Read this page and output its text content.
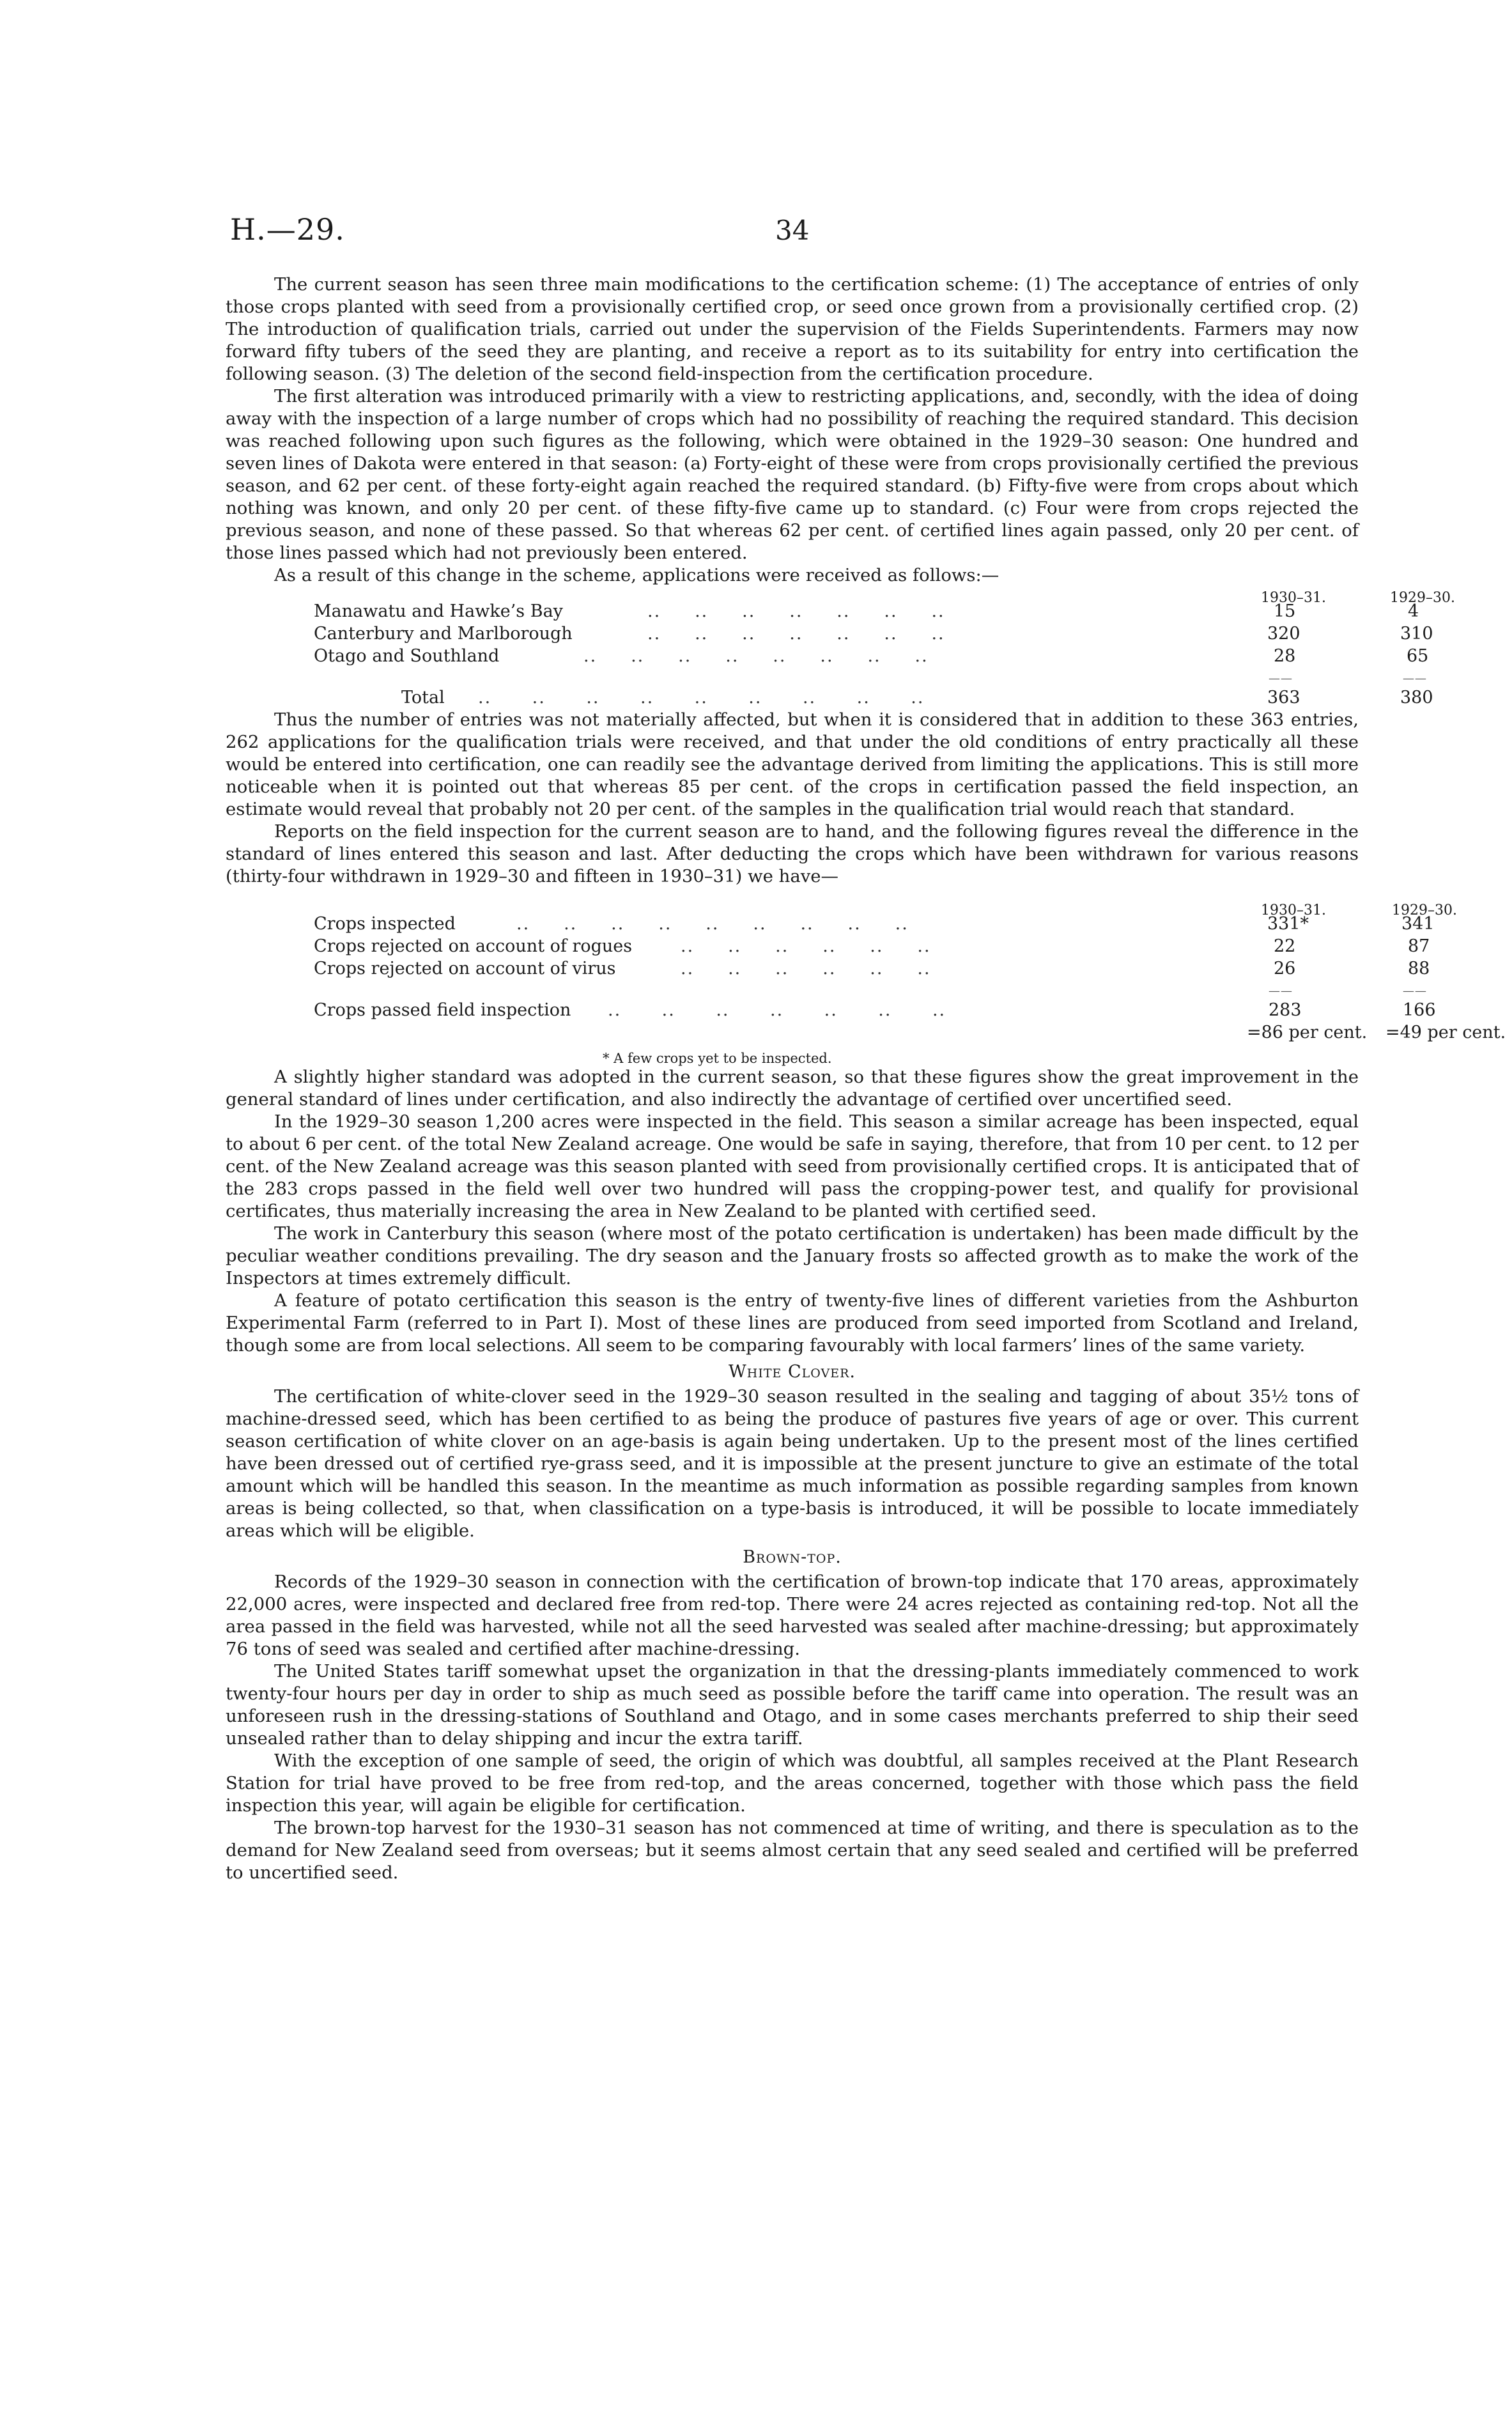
H.—29.	34

The current season has seen three main modifications to the certification scheme: (1) The acceptance of entries of only those crops planted with seed from a provisionally certified crop, or seed once grown from a provisionally certified crop. (2) The introduction of qualification trials, carried out under the supervision of the Fields Superintendents. Farmers may now forward fifty tubers of the seed they are planting, and receive a report as to its suitability for entry into certification the following season. (3) The deletion of the second field-inspection from the certification procedure.

The first alteration was introduced primarily with a view to restricting applications, and, secondly, with the idea of doing away with the inspection of a large number of crops which had no possibility of reaching the required standard. This decision was reached following upon such figures as the following, which were obtained in the 1929–30 season: One hundred and seven lines of Dakota were entered in that season: (a) Forty-eight of these were from crops provisionally certified the previous season, and 62 per cent. of these forty-eight again reached the required standard. (b) Fifty-five were from crops about which nothing was known, and only 20 per cent. of these fifty-five came up to standard. (c) Four were from crops rejected the previous season, and none of these passed. So that whereas 62 per cent. of certified lines again passed, only 20 per cent. of those lines passed which had not previously been entered.

As a result of this change in the scheme, applications were received as follows:—

1930–31.	1929–30.
Manawatu and Hawke’s Bay	..     ..     ..     ..     ..     ..     ..	15	4
Canterbury and Marlborough	..     ..     ..     ..     ..     ..     ..	320	310
Otago and Southland	..     ..     ..     ..     ..     ..     ..     ..	28	65
——	——
Total ..      ..      ..      ..      ..      ..      ..      ..      ..	363	380

Thus the number of entries was not materially affected, but when it is considered that in addition to these 363 entries, 262 applications for the qualification trials were received, and that under the old conditions of entry practically all these would be entered into certification, one can readily see the advantage derived from limiting the applications. This is still more noticeable when it is pointed out that whereas 85 per cent. of the crops in certification passed the field inspection, an estimate would reveal that probably not 20 per cent. of the samples in the qualification trial would reach that standard.

Reports on the field inspection for the current season are to hand, and the following figures reveal the difference in the standard of lines entered this season and last. After deducting the crops which have been withdrawn for various reasons (thirty-four withdrawn in 1929–30 and fifteen in 1930–31) we have—

1930–31.	1929–30.
Crops inspected	..     ..     ..     ..     ..     ..     ..     ..     ..	331*	341
Crops rejected on account of rogues	..     ..     ..     ..     ..     ..	22	87
Crops rejected on account of virus	..     ..     ..     ..     ..     ..	26	88
——	——
Crops passed field inspection ..      ..      ..      ..      ..      ..      ..	283	166
=86 per cent.	=49 per cent.
* A few crops yet to be inspected.

A slightly higher standard was adopted in the current season, so that these figures show the great improvement in the general standard of lines under certification, and also indirectly the advantage of certified over uncertified seed.

In the 1929–30 season 1,200 acres were inspected in the field. This season a similar acreage has been inspected, equal to about 6 per cent. of the total New Zealand acreage. One would be safe in saying, therefore, that from 10 per cent. to 12 per cent. of the New Zealand acreage was this season planted with seed from provisionally certified crops. It is anticipated that of the 283 crops passed in the field well over two hundred will pass the cropping-power test, and qualify for provisional certificates, thus materially increasing the area in New Zealand to be planted with certified seed.

The work in Canterbury this season (where most of the potato certification is undertaken) has been made difficult by the peculiar weather conditions prevailing. The dry season and the January frosts so affected growth as to make the work of the Inspectors at times extremely difficult.

A feature of potato certification this season is the entry of twenty-five lines of different varieties from the Ashburton Experimental Farm (referred to in Part I). Most of these lines are produced from seed imported from Scotland and Ireland, though some are from local selections. All seem to be comparing favourably with local farmers’ lines of the same variety.

White Clover.

The certification of white-clover seed in the 1929–30 season resulted in the sealing and tagging of about 35½ tons of machine-dressed seed, which has been certified to as being the produce of pastures five years of age or over. This current season certification of white clover on an age-basis is again being undertaken. Up to the present most of the lines certified have been dressed out of certified rye-grass seed, and it is impossible at the present juncture to give an estimate of the total amount which will be handled this season. In the meantime as much information as possible regarding samples from known areas is being collected, so that, when classification on a type-basis is introduced, it will be possible to locate immediately areas which will be eligible.

Brown-top.

Records of the 1929–30 season in connection with the certification of brown-top indicate that 170 areas, approximately 22,000 acres, were inspected and declared free from red-top. There were 24 acres rejected as containing red-top. Not all the area passed in the field was harvested, while not all the seed harvested was sealed after machine-dressing; but approximately 76 tons of seed was sealed and certified after machine-dressing.

The United States tariff somewhat upset the organization in that the dressing-plants immediately commenced to work twenty-four hours per day in order to ship as much seed as possible before the tariff came into operation. The result was an unforeseen rush in the dressing-stations of Southland and Otago, and in some cases merchants preferred to ship their seed unsealed rather than to delay shipping and incur the extra tariff.

With the exception of one sample of seed, the origin of which was doubtful, all samples received at the Plant Research Station for trial have proved to be free from red-top, and the areas concerned, together with those which pass the field inspection this year, will again be eligible for certification.

The brown-top harvest for the 1930–31 season has not commenced at time of writing, and there is speculation as to the demand for New Zealand seed from overseas; but it seems almost certain that any seed sealed and certified will be preferred to uncertified seed.
